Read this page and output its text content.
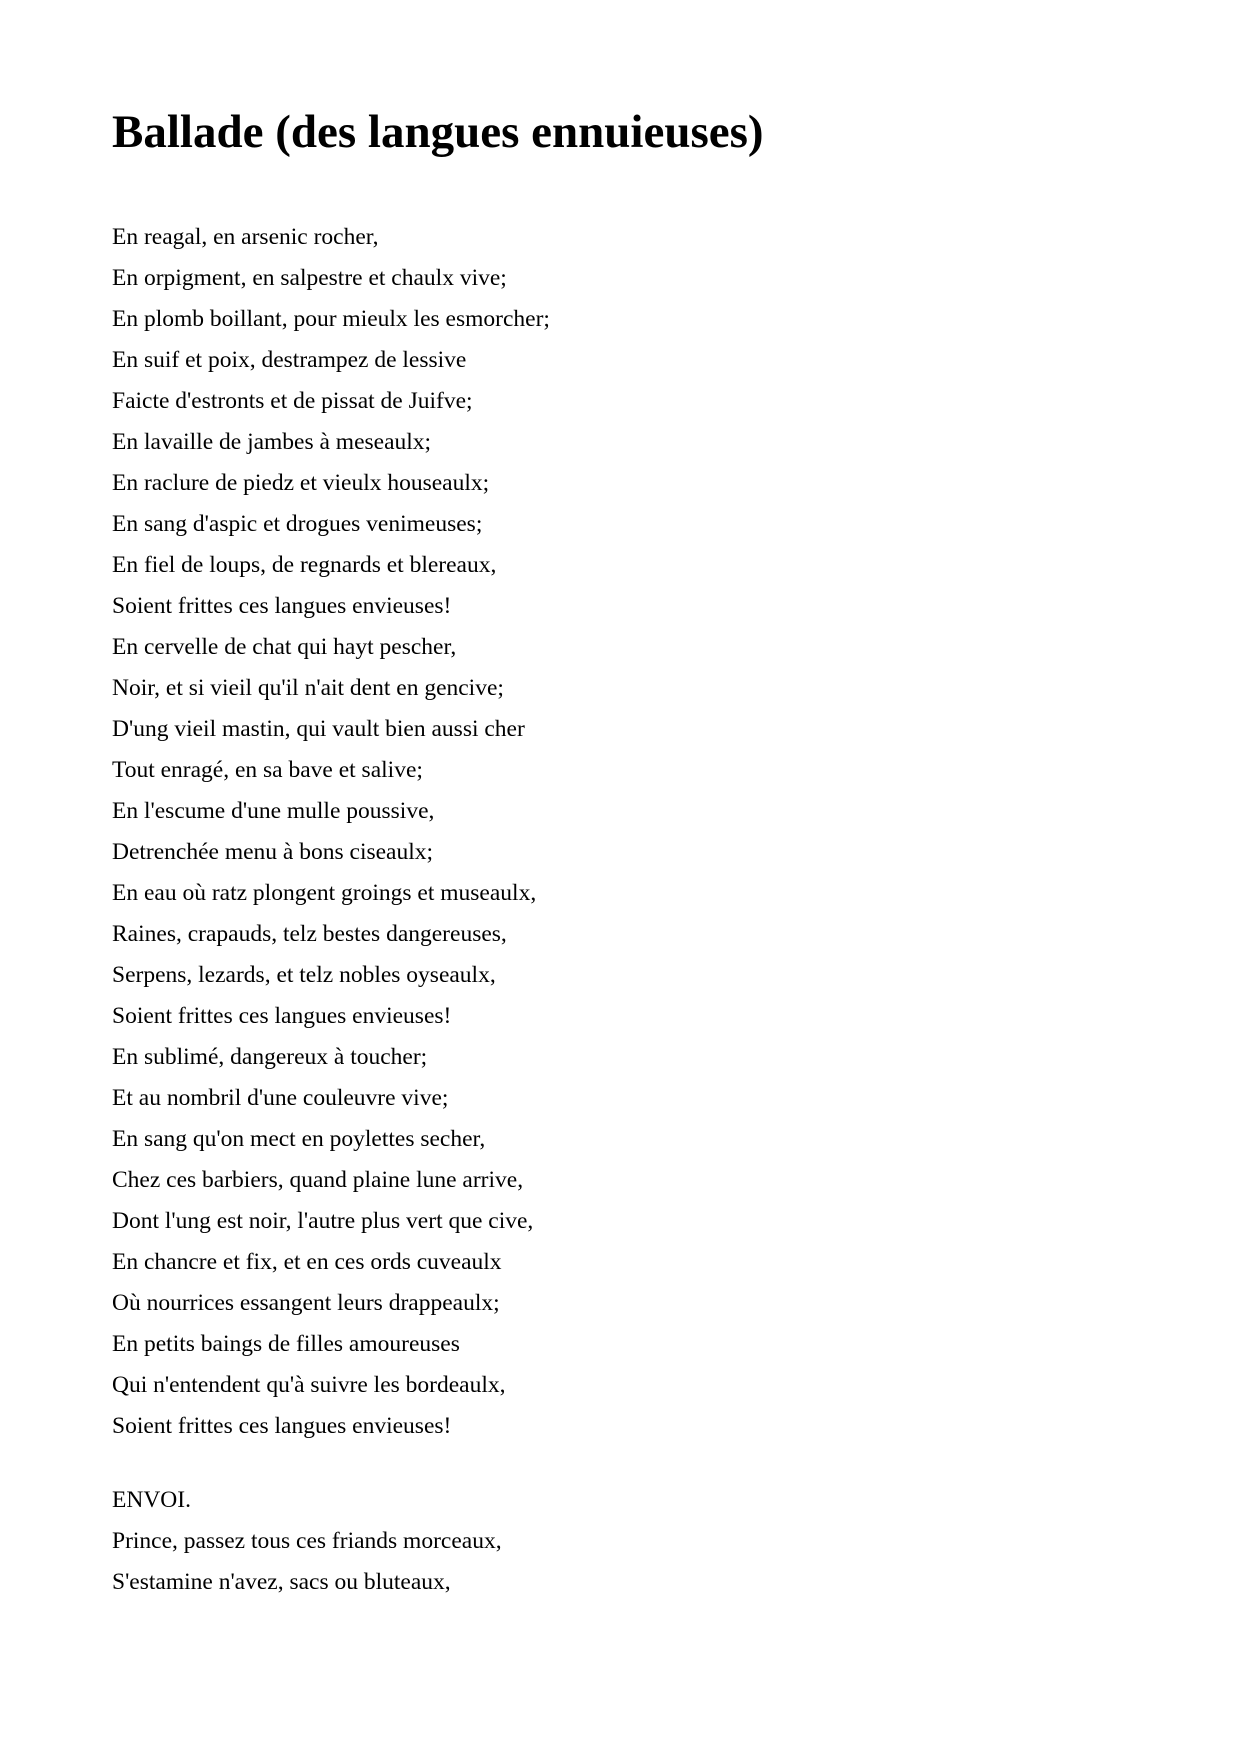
Ballade (des langues ennuieuses)
En reagal, en arsenic rocher,
En orpigment, en salpestre et chaulx vive;
En plomb boillant, pour mieulx les esmorcher;
En suif et poix, destrampez de lessive
Faicte d'estronts et de pissat de Juifve;
En lavaille de jambes à meseaulx;
En raclure de piedz et vieulx houseaulx;
En sang d'aspic et drogues venimeuses;
En fiel de loups, de regnards et blereaux,
Soient frittes ces langues envieuses!
En cervelle de chat qui hayt pescher,
Noir, et si vieil qu'il n'ait dent en gencive;
D'ung vieil mastin, qui vault bien aussi cher
Tout enragé, en sa bave et salive;
En l'escume d'une mulle poussive,
Detrenchée menu à bons ciseaulx;
En eau où ratz plongent groings et museaulx,
Raines, crapauds, telz bestes dangereuses,
Serpens, lezards, et telz nobles oyseaulx,
Soient frittes ces langues envieuses!
En sublimé, dangereux à toucher;
Et au nombril d'une couleuvre vive;
En sang qu'on mect en poylettes secher,
Chez ces barbiers, quand plaine lune arrive,
Dont l'ung est noir, l'autre plus vert que cive,
En chancre et fix, et en ces ords cuveaulx
Où nourrices essangent leurs drappeaulx;
En petits baings de filles amoureuses
Qui n'entendent qu'à suivre les bordeaulx,
Soient frittes ces langues envieuses!
ENVOI.
Prince, passez tous ces friands morceaux,
S'estamine n'avez, sacs ou bluteaux,
